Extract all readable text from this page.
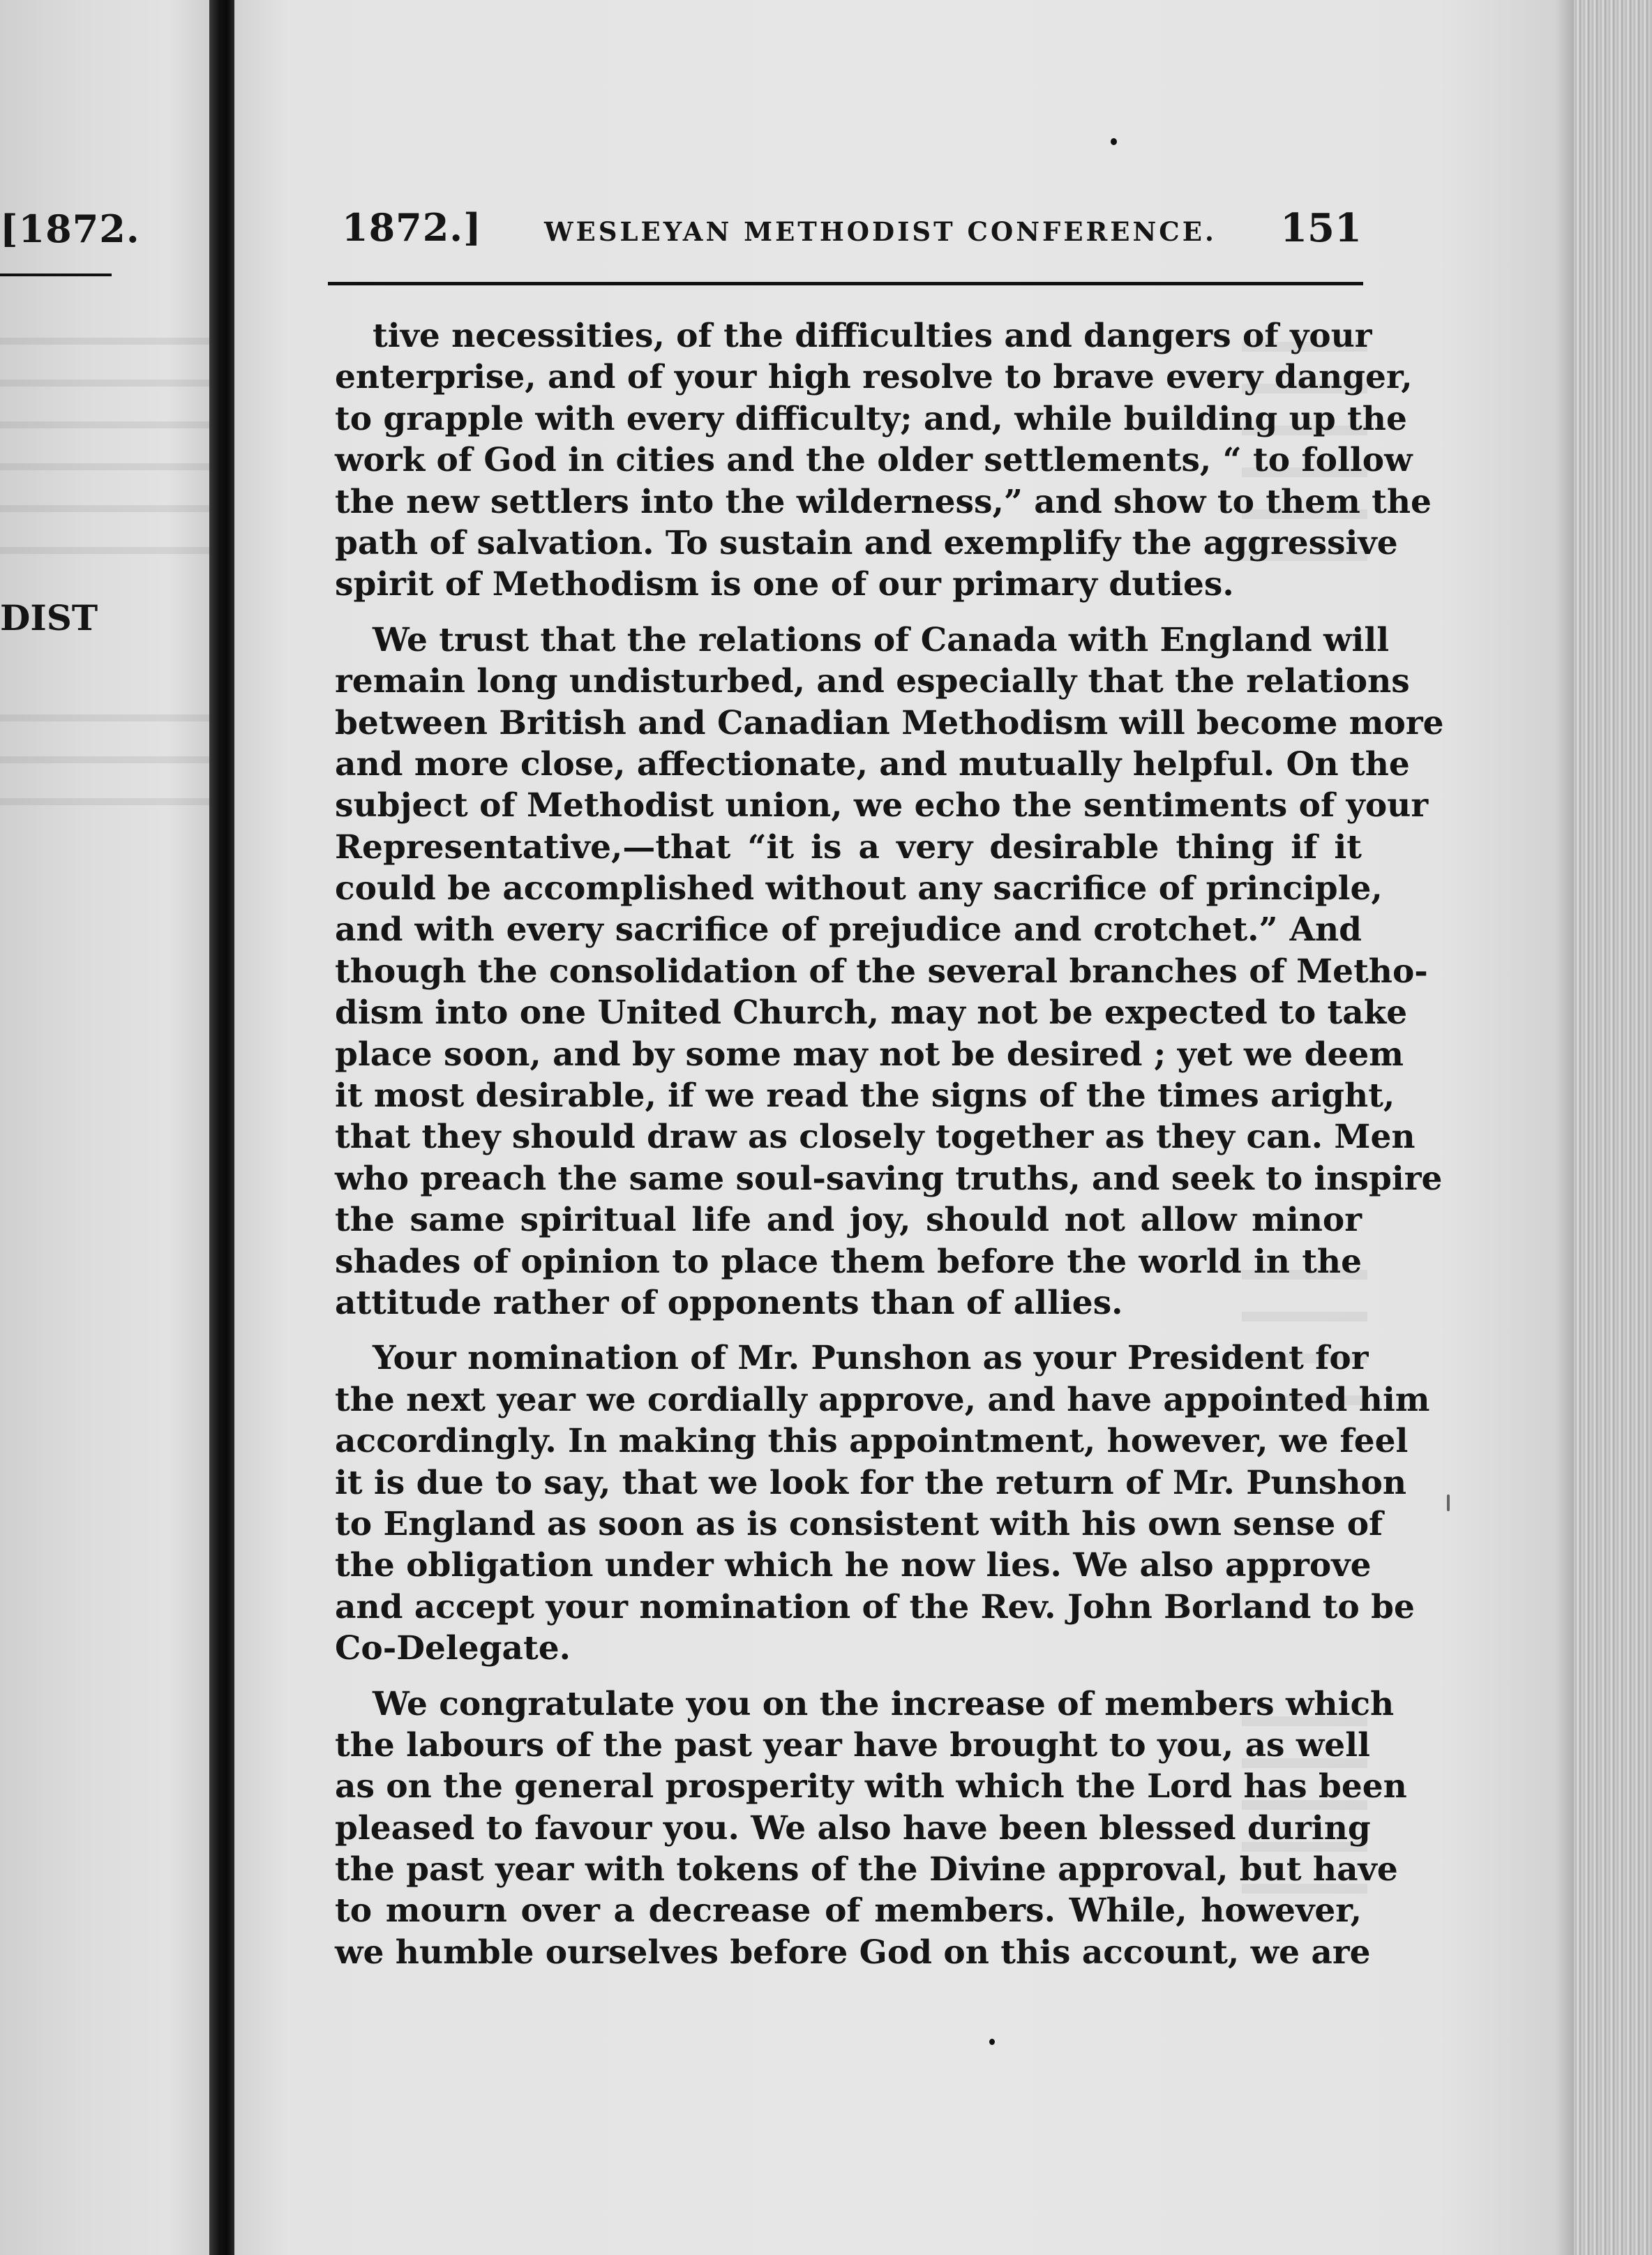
[1872.
DIST
1872.] WESLEYAN METHODIST CONFERENCE. 151
tive necessities, of the difficulties and dangers of your
enterprise, and of your high resolve to brave every danger,
to grapple with every difficulty; and, while building up the
work of God in cities and the older settlements, “ to follow
the new settlers into the wilderness,” and show to them the
path of salvation. To sustain and exemplify the aggressive
spirit of Methodism is one of our primary duties.
We trust that the relations of Canada with England will
remain long undisturbed, and especially that the relations
between British and Canadian Methodism will become more
and more close, affectionate, and mutually helpful. On the
subject of Methodist union, we echo the sentiments of your
Representative,—that “it is a very desirable thing if it
could be accomplished without any sacrifice of principle,
and with every sacrifice of prejudice and crotchet.” And
though the consolidation of the several branches of Metho-
dism into one United Church, may not be expected to take
place soon, and by some may not be desired ; yet we deem
it most desirable, if we read the signs of the times aright,
that they should draw as closely together as they can. Men
who preach the same soul-saving truths, and seek to inspire
the same spiritual life and joy, should not allow minor
shades of opinion to place them before the world in the
attitude rather of opponents than of allies.
Your nomination of Mr. Punshon as your President for
the next year we cordially approve, and have appointed him
accordingly. In making this appointment, however, we feel
it is due to say, that we look for the return of Mr. Punshon
to England as soon as is consistent with his own sense of
the obligation under which he now lies. We also approve
and accept your nomination of the Rev. John Borland to be
Co-Delegate.
We congratulate you on the increase of members which
the labours of the past year have brought to you, as well
as on the general prosperity with which the Lord has been
pleased to favour you. We also have been blessed during
the past year with tokens of the Divine approval, but have
to mourn over a decrease of members. While, however,
we humble ourselves before God on this account, we are
